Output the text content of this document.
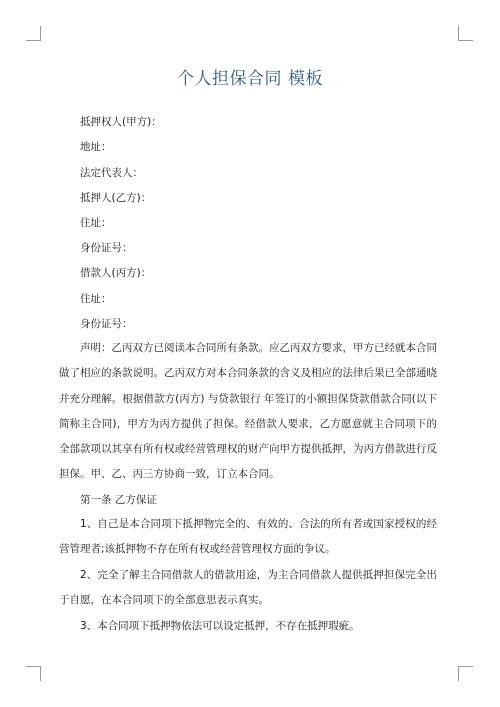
个人担保合同 模板
抵押权人(甲方)：
地址：
法定代表人：
抵押人(乙方)：
住址：
身份证号：
借款人(丙方)：
住址：
身份证号：

声明：乙丙双方已阅读本合同所有条款。应乙丙双方要求，甲方已经就本合同做了相应的条款说明。乙丙双方对本合同条款的含义及相应的法律后果已全部通晓并充分理解。根据借款方(丙方) 与贷款银行 年签订的小额担保贷款借款合同(以下简称主合同)，甲方为丙方提供了担保。经借款人要求，乙方愿意就主合同项下的全部款项以其享有所有权或经营管理权的财产向甲方提供抵押，为丙方借款进行反担保。甲、乙、丙三方协商一致，订立本合同。

第一条 乙方保证

1、自己是本合同项下抵押物完全的、有效的、合法的所有者或国家授权的经营管理者;该抵押物不存在所有权或经营管理权方面的争议。

2、完全了解主合同借款人的借款用途，为主合同借款人提供抵押担保完全出于自愿，在本合同项下的全部意思表示真实。

3、本合同项下抵押物依法可以设定抵押，不存在抵押瑕疵。
